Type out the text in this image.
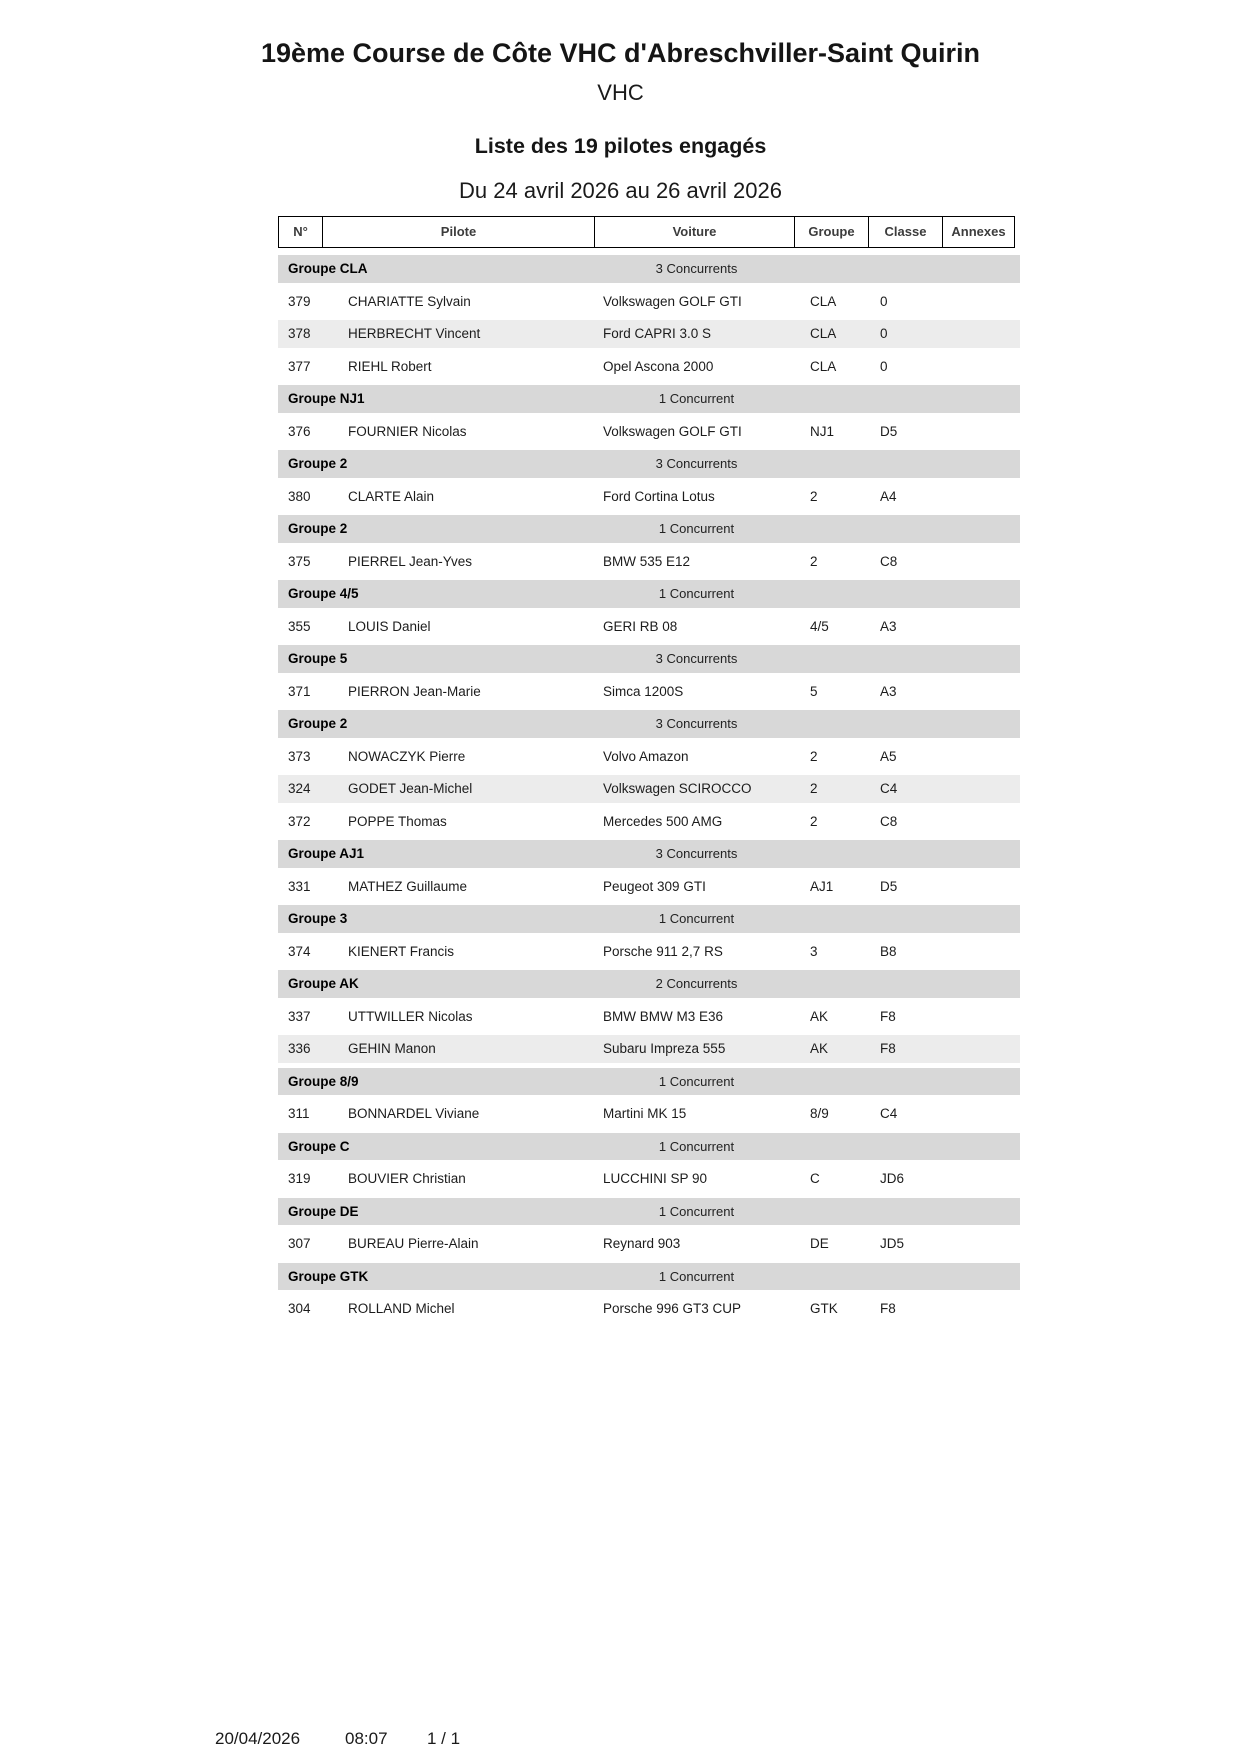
19ème Course de Côte VHC d'Abreschviller-Saint Quirin
VHC
Liste des 19 pilotes engagés
Du 24 avril 2026 au 26 avril 2026
N°	Pilote	Voiture	Groupe	Classe	Annexes
Groupe CLA	3 Concurrents
379	CHARIATTE Sylvain	Volkswagen GOLF GTI	CLA	0
378	HERBRECHT Vincent	Ford CAPRI 3.0 S	CLA	0
377	RIEHL Robert	Opel Ascona 2000	CLA	0
Groupe NJ1	1 Concurrent
376	FOURNIER Nicolas	Volkswagen GOLF GTI	NJ1	D5
Groupe 2	3 Concurrents
380	CLARTE Alain	Ford Cortina Lotus	2	A4
Groupe 2	1 Concurrent
375	PIERREL Jean-Yves	BMW 535 E12	2	C8
Groupe 4/5	1 Concurrent
355	LOUIS Daniel	GERI RB 08	4/5	A3
Groupe 5	3 Concurrents
371	PIERRON Jean-Marie	Simca 1200S	5	A3
Groupe 2	3 Concurrents
373	NOWACZYK Pierre	Volvo Amazon	2	A5
324	GODET Jean-Michel	Volkswagen SCIROCCO	2	C4
372	POPPE Thomas	Mercedes 500 AMG	2	C8
Groupe AJ1	3 Concurrents
331	MATHEZ Guillaume	Peugeot 309 GTI	AJ1	D5
Groupe 3	1 Concurrent
374	KIENERT Francis	Porsche 911 2,7 RS	3	B8
Groupe AK	2 Concurrents
337	UTTWILLER Nicolas	BMW BMW M3 E36	AK	F8
336	GEHIN Manon	Subaru Impreza 555	AK	F8
Groupe 8/9	1 Concurrent
311	BONNARDEL Viviane	Martini MK 15	8/9	C4
Groupe C	1 Concurrent
319	BOUVIER Christian	LUCCHINI SP 90	C	JD6
Groupe DE	1 Concurrent
307	BUREAU Pierre-Alain	Reynard 903	DE	JD5
Groupe GTK	1 Concurrent
304	ROLLAND Michel	Porsche 996 GT3 CUP	GTK	F8
20/04/2026	08:07 1 / 1
